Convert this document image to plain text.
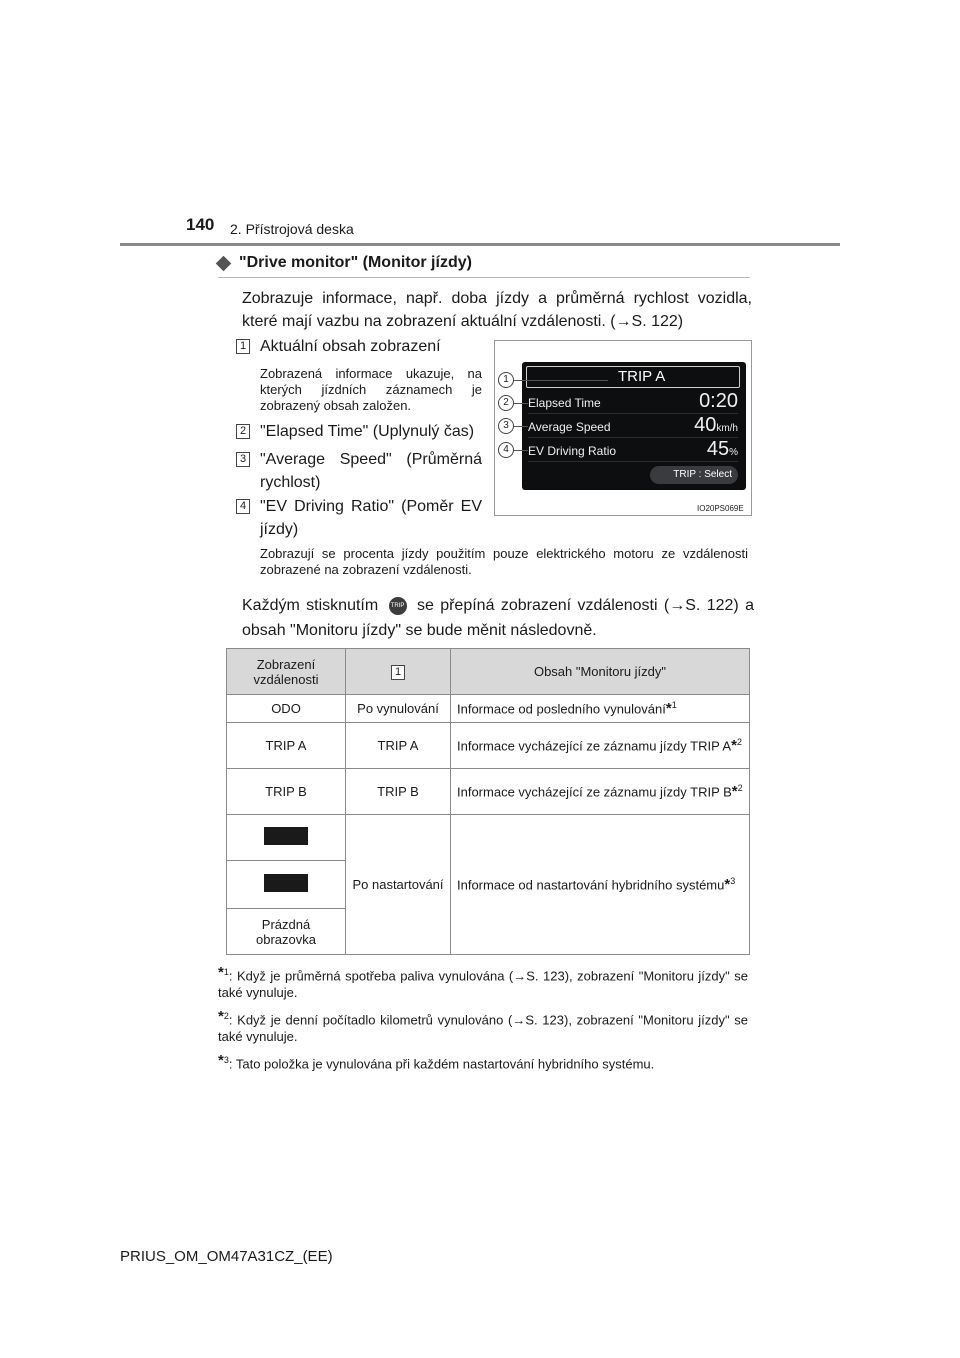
140 2. Přístrojová deska
"Drive monitor" (Monitor jízdy)
Zobrazuje informace, např. doba jízdy a průměrná rychlost vozidla, které mají vazbu na zobrazení aktuální vzdálenosti. (→S. 122)
1 Aktuální obsah zobrazení
Zobrazená informace ukazuje, na kterých jízdních záznamech je zobrazený obsah založen.
2 "Elapsed Time" (Uplynulý čas)
3 "Average Speed" (Průměrná rychlost)
4 "EV Driving Ratio" (Poměr EV jízdy)
Zobrazují se procenta jízdy použitím pouze elektrického motoru ze vzdálenosti zobrazené na zobrazení vzdálenosti.
TRIP A
Elapsed Time	0:20
Average Speed	40km/h
EV Driving Ratio	45%
TRIP : Select
IO20PS069E
1
2
3
4
Každým stisknutím TRIP se přepíná zobrazení vzdálenosti (→S. 122) a obsah "Monitoru jízdy" se bude měnit následovně.
Zobrazení vzdálenosti	1	Obsah "Monitoru jízdy"
ODO	Po vynulování	Informace od posledního vynulování*$^1$
TRIP A	TRIP A	Informace vycházející ze záznamu jízdy TRIP A*$^2$
TRIP B	TRIP B	Informace vycházející ze záznamu jízdy TRIP B*$^2$
	Po nastartování	Informace od nastartování hybridního systému*$^3$

Prázdná obrazovka		
*$^1$: Když je průměrná spotřeba paliva vynulována (→S. 123), zobrazení "Monitoru jízdy" se také vynuluje.
*$^2$: Když je denní počítadlo kilometrů vynulováno (→S. 123), zobrazení "Monitoru jízdy" se také vynuluje.
*$^3$: Tato položka je vynulována při každém nastartování hybridního systému.
PRIUS_OM_OM47A31CZ_(EE)
